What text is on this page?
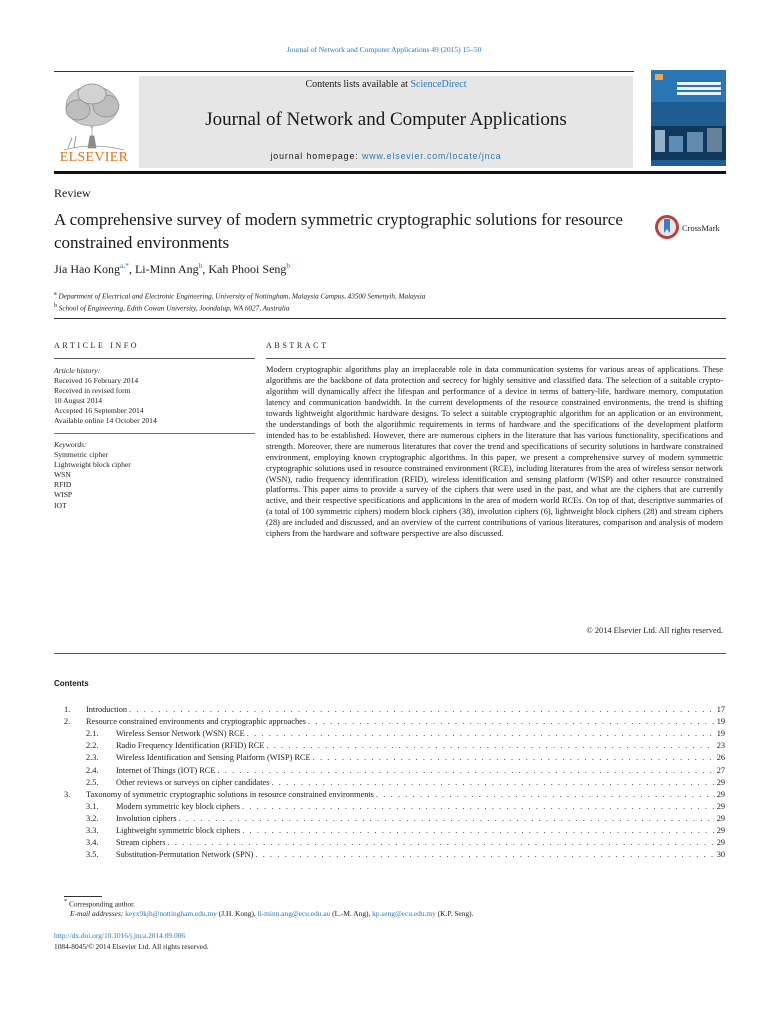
Journal of Network and Computer Applications 49 (2015) 15–50
ELSEVIER
Contents lists available at ScienceDirect
Journal of Network and Computer Applications
journal homepage: www.elsevier.com/locate/jnca
Review
A comprehensive survey of modern symmetric cryptographic solutions for resource constrained environments
CrossMark
Jia Hao Kong$^{a,*}$, Li-Minn Ang$^b$, Kah Phooi Seng$^b$
$^a$ Department of Electrical and Electronic Engineering, University of Nottingham, Malaysia Campus, 43500 Semenyih, Malaysia
$^b$ School of Engineering, Edith Cowan University, Joondalup, WA 6027, Australia
ARTICLE INFO	ABSTRACT
Article history:
Received 16 February 2014
Received in revised form
10 August 2014
Accepted 16 September 2014
Available online 14 October 2014
Keywords:
Symmetric cipher
Lightweight block cipher
WSN
RFID
WISP
IOT
Modern cryptographic algorithms play an irreplaceable role in data communication systems for various areas of applications. These algorithms are the backbone of data protection and secrecy for highly sensitive and classified data. The selection of a suitable crypto-algorithm will dynamically affect the lifespan and performance of a device in terms of battery-life, hardware memory, computation latency and communication bandwidth. In the current developments of the resource constrained environments, the trend is shifting towards lightweight algorithmic hardware designs. To select a suitable cryptographic algorithm for an application or an environment, the understandings of both the algorithmic requirements in terms of hardware and the specifications of the development platform intended has to be established. However, there are numerous ciphers in the literature that has various functionality, specifications and strength. Moreover, there are numerous literatures that cover the trend and specifications of security solutions in hardware constrained environment, employing known cryptographic algorithms. In this paper, we present a comprehensive survey of modern symmetric cryptographic solutions used in resource constrained environment (RCE), including literatures from the area of wireless sensor network (WSN), radio frequency identification (RFID), wireless identification and sensing platform (WISP) and other resource constrained platforms. This paper aims to provide a survey of the ciphers that were used in the past, and what are the ciphers that are currently active, and their respective specifications and applications in the area of modern world RCEs. On top of that, descriptive summaries of (a total of 100 symmetric ciphers) modern block ciphers (38), involution ciphers (6), lightweight block ciphers (28) and stream ciphers (28) are included and discussed, and an overview of the current contributions of various literatures, comparison and analysis of modern ciphers from the hardware and software perspective are also discussed.
© 2014 Elsevier Ltd. All rights reserved.
Contents
1.	Introduction . . .	17
2.	Resource constrained environments and cryptographic approaches . . .	19
2.1.	Wireless Sensor Network (WSN) RCE . . .	19
2.2.	Radio Frequency Identification (RFID) RCE . . .	23
2.3.	Wireless Identification and Sensing Platform (WISP) RCE . . .	26
2.4.	Internet of Things (IOT) RCE . . .	27
2.5.	Other reviews or surveys on cipher candidates . . .	29
3.	Taxonomy of symmetric cryptographic solutions in resource constrained environments . . .	29
3.1.	Modern symmetric key block ciphers . . .	29
3.2.	Involution ciphers . . .	29
3.3.	Lightweight symmetric block ciphers . . .	29
3.4.	Stream ciphers . . .	29
3.5.	Substitution-Permutation Network (SPN) . . .	30
* Corresponding author.
E-mail addresses: keyx9kjh@nottingham.edu.my (J.H. Kong), li-minn.ang@ecu.edu.au (L.-M. Ang), kp.seng@ecu.edu.my (K.P. Seng).
http://dx.doi.org/10.1016/j.jnca.2014.09.006
1084-8045/© 2014 Elsevier Ltd. All rights reserved.
